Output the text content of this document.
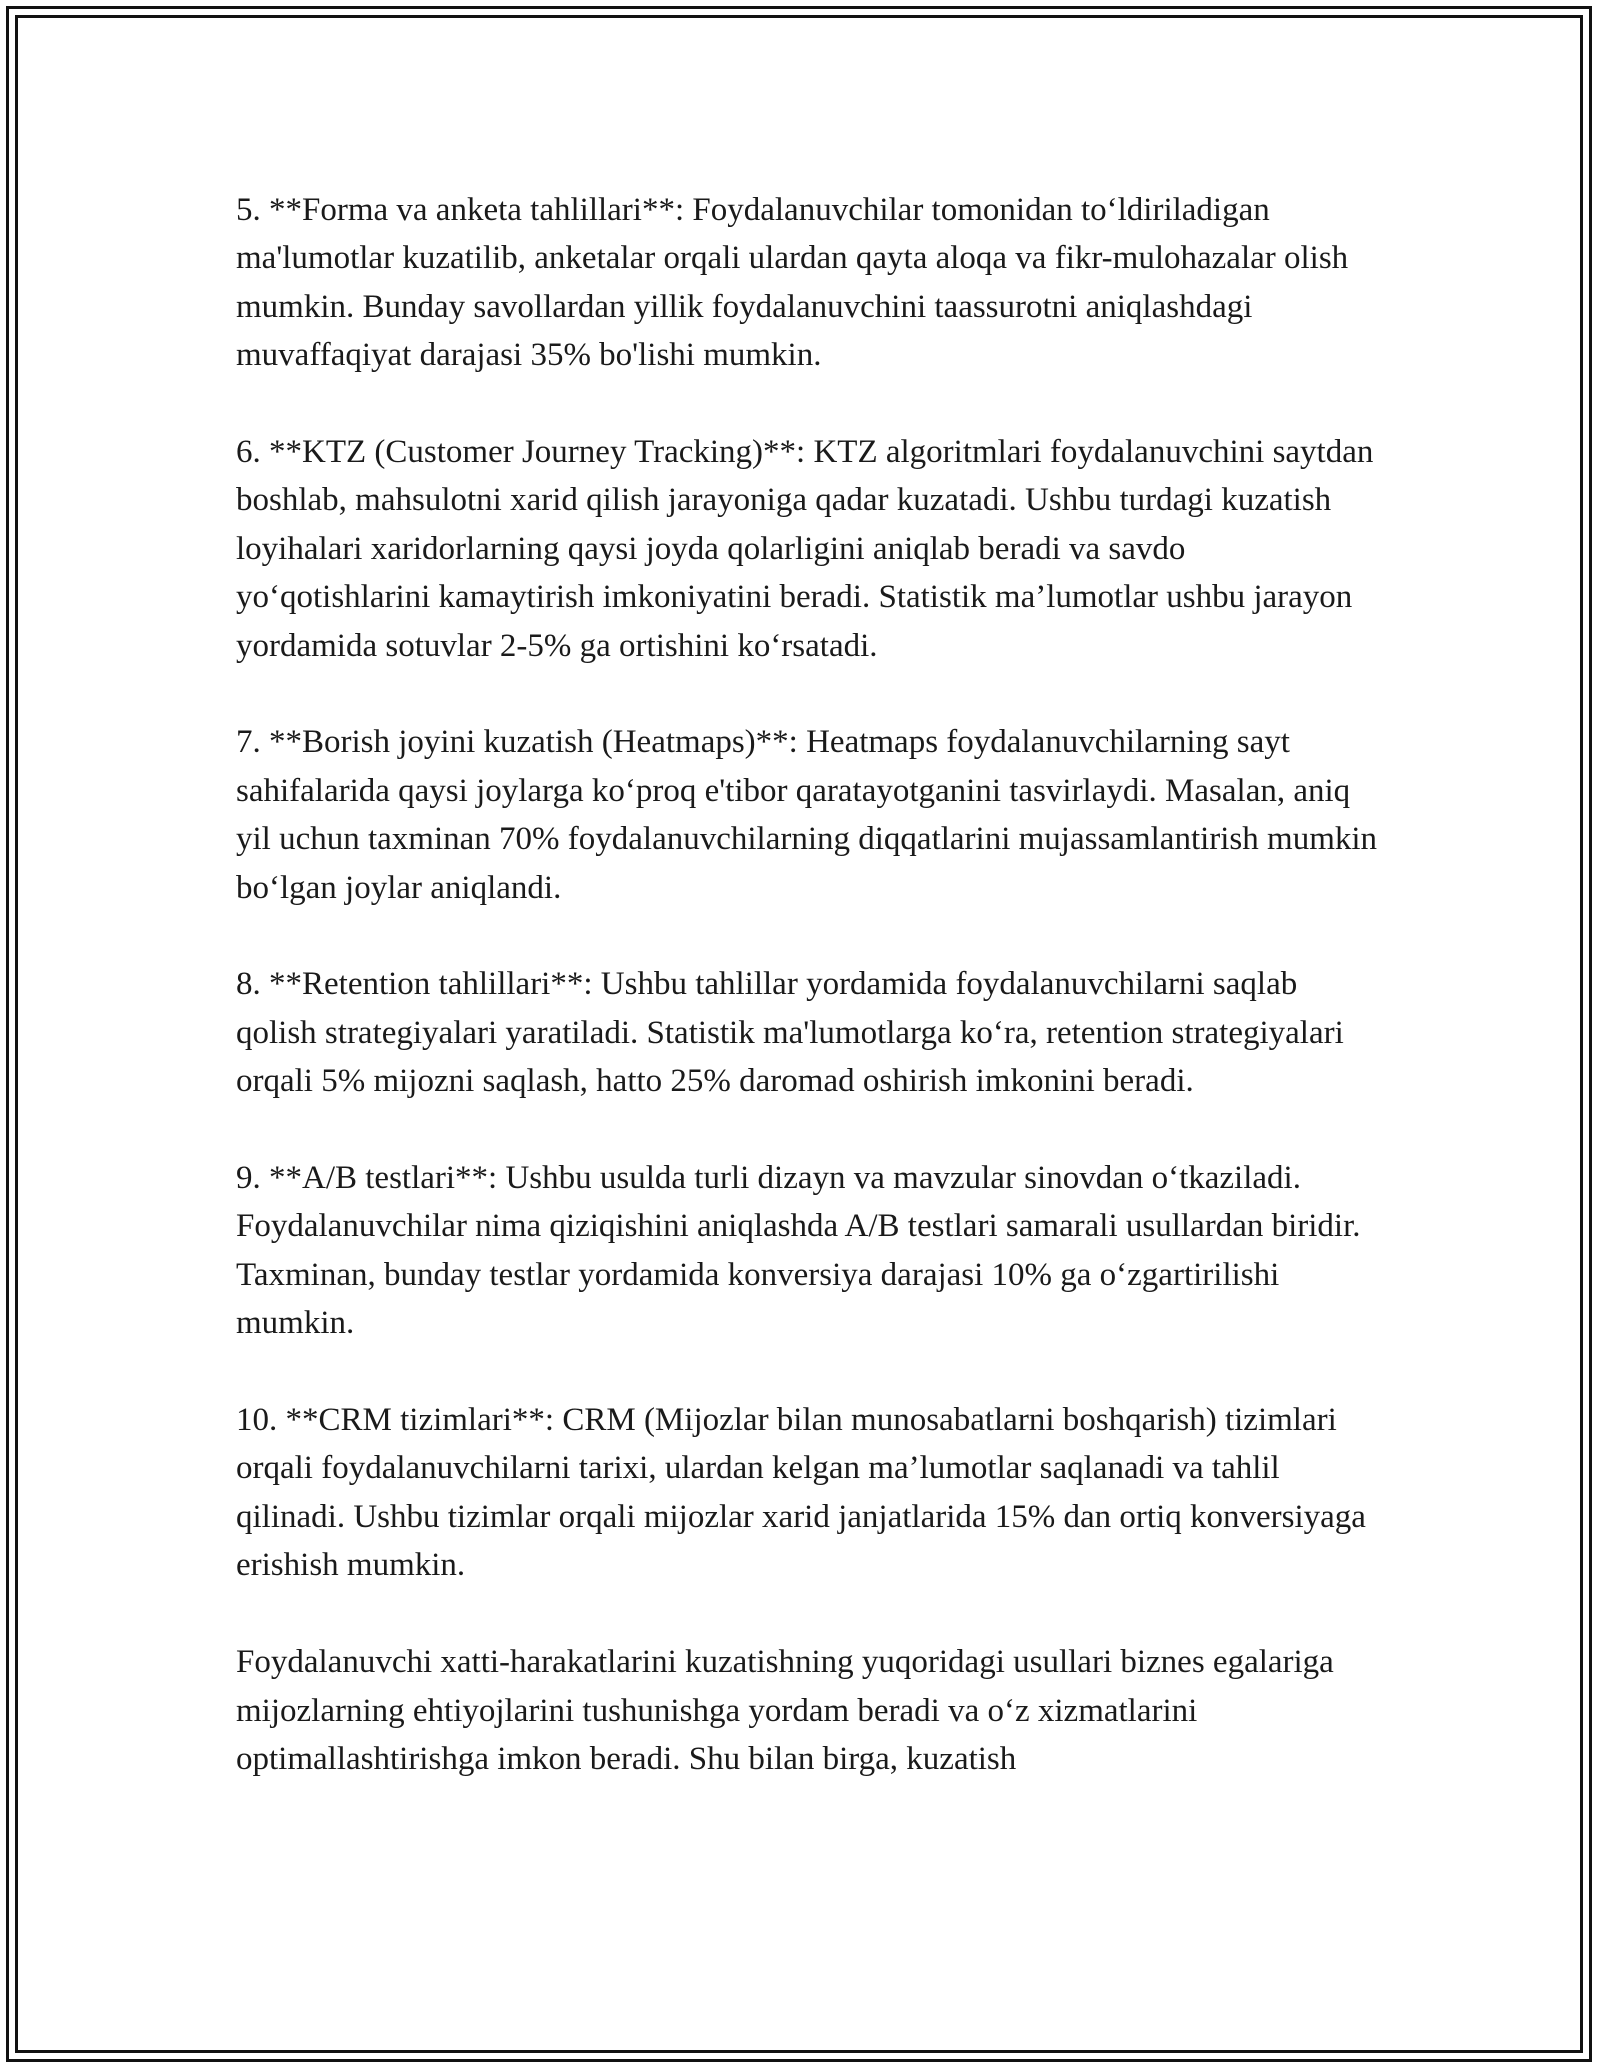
5. **Forma va anketa tahlillari**: Foydalanuvchilar tomonidan to‘ldiriladigan ma'lumotlar kuzatilib, anketalar orqali ulardan qayta aloqa va fikr-mulohazalar olish mumkin. Bunday savollardan yillik foydalanuvchini taassurotni aniqlashdagi muvaffaqiyat darajasi 35% bo'lishi mumkin.

6. **KTZ (Customer Journey Tracking)**: KTZ algoritmlari foydalanuvchini saytdan boshlab, mahsulotni xarid qilish jarayoniga qadar kuzatadi. Ushbu turdagi kuzatish loyihalari xaridorlarning qaysi joyda qolarligini aniqlab beradi va savdo yo‘qotishlarini kamaytirish imkoniyatini beradi. Statistik ma’lumotlar ushbu jarayon yordamida sotuvlar 2-5% ga ortishini ko‘rsatadi.

7. **Borish joyini kuzatish (Heatmaps)**: Heatmaps foydalanuvchilarning sayt sahifalarida qaysi joylarga ko‘proq e'tibor qaratayotganini tasvirlaydi. Masalan, aniq yil uchun taxminan 70% foydalanuvchilarning diqqatlarini mujassamlantirish mumkin bo‘lgan joylar aniqlandi.

8. **Retention tahlillari**: Ushbu tahlillar yordamida foydalanuvchilarni saqlab qolish strategiyalari yaratiladi. Statistik ma'lumotlarga ko‘ra, retention strategiyalari orqali 5% mijozni saqlash, hatto 25% daromad oshirish imkonini beradi.

9. **A/B testlari**: Ushbu usulda turli dizayn va mavzular sinovdan o‘tkaziladi. Foydalanuvchilar nima qiziqishini aniqlashda A/B testlari samarali usullardan biridir. Taxminan, bunday testlar yordamida konversiya darajasi 10% ga o‘zgartirilishi mumkin.

10. **CRM tizimlari**: CRM (Mijozlar bilan munosabatlarni boshqarish) tizimlari orqali foydalanuvchilarni tarixi, ulardan kelgan ma’lumotlar saqlanadi va tahlil qilinadi. Ushbu tizimlar orqali mijozlar xarid janjatlarida 15% dan ortiq konversiyaga erishish mumkin.

Foydalanuvchi xatti-harakatlarini kuzatishning yuqoridagi usullari biznes egalariga mijozlarning ehtiyojlarini tushunishga yordam beradi va o‘z xizmatlarini optimallashtirishga imkon beradi. Shu bilan birga, kuzatish
